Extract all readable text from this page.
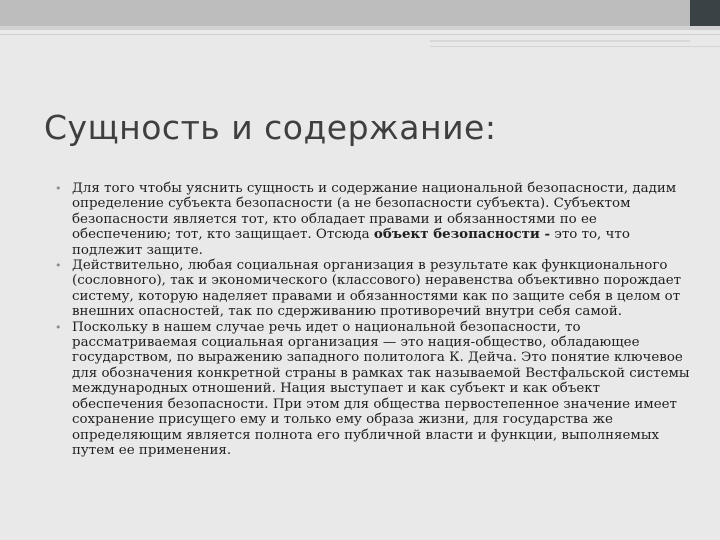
Сущность и содержание:
• Для того чтобы уяснить сущность и содержание национальной безопасности, дадим определение субъекта безопасности (а не безопасности субъекта). Субъектом безопасности является тот, кто обладает правами и обязанностями по ее обеспечению; тот, кто защищает. Отсюда объект безопасности - это то, что подлежит защите.
• Действительно, любая социальная организация в результате как функционального (сословного), так и экономического (классового) неравенства объективно порождает систему, которую наделяет правами и обязанностями как по защите себя в целом от внешних опасностей, так по сдерживанию противоречий внутри себя самой.
• Поскольку в нашем случае речь идет о национальной безопасности, то рассматриваемая социальная организация — это нация-общество, обладающее государством, по выражению западного политолога К. Дейча. Это понятие ключевое для обозначения конкретной страны в рамках так называемой Вестфальской системы международных отношений. Нация выступает и как субъект и как объект обеспечения безопасности. При этом для общества первостепенное значение имеет сохранение присущего ему и только ему образа жизни, для государства же определяющим является полнота его публичной власти и функции, выполняемых путем ее применения.
